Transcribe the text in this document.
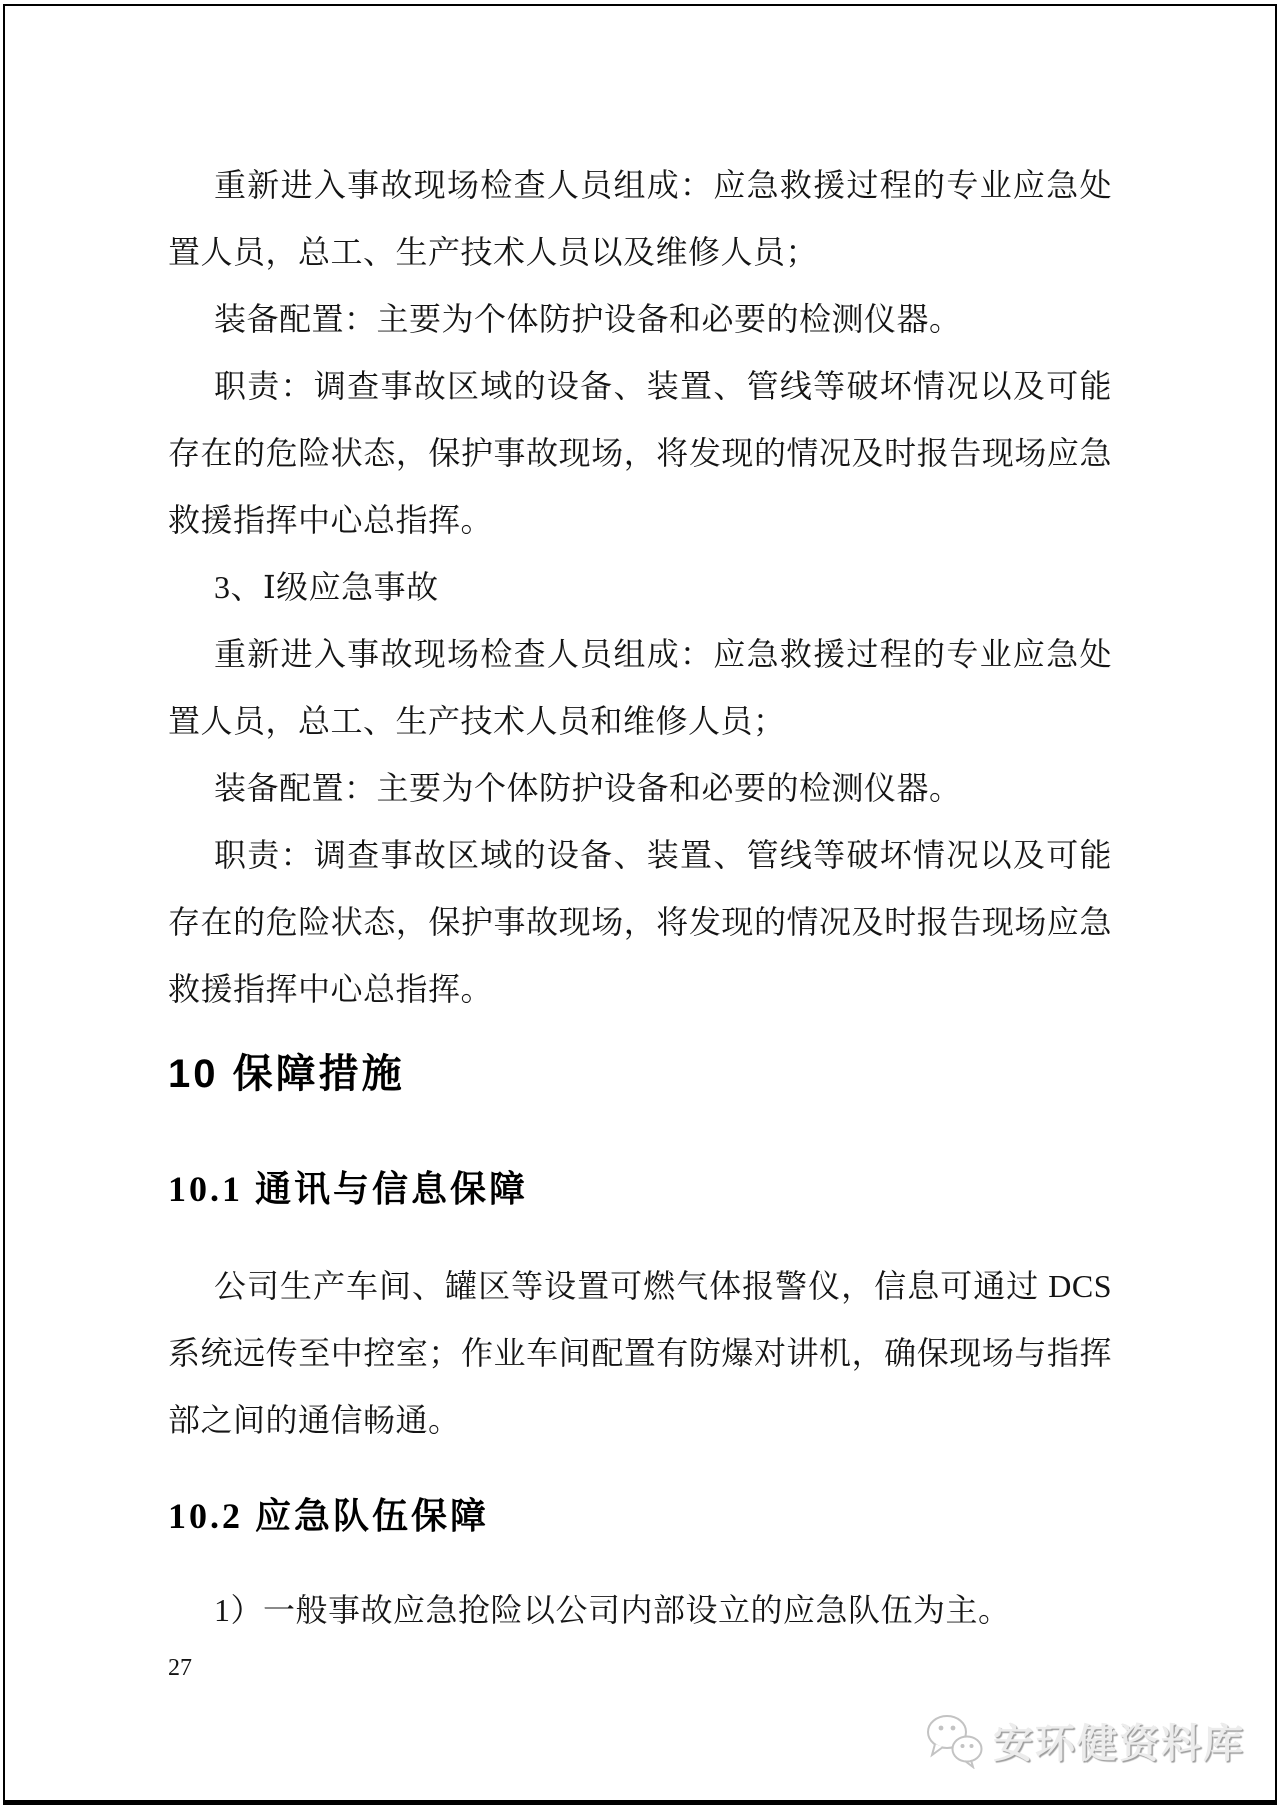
重新进入事故现场检查人员组成：应急救援过程的专业应急处
置人员，总工、生产技术人员以及维修人员；
装备配置：主要为个体防护设备和必要的检测仪器。
职责：调查事故区域的设备、装置、管线等破坏情况以及可能
存在的危险状态，保护事故现场，将发现的情况及时报告现场应急
救援指挥中心总指挥。
3、Ⅰ级应急事故
重新进入事故现场检查人员组成：应急救援过程的专业应急处
置人员，总工、生产技术人员和维修人员；
装备配置：主要为个体防护设备和必要的检测仪器。
职责：调查事故区域的设备、装置、管线等破坏情况以及可能
存在的危险状态，保护事故现场，将发现的情况及时报告现场应急
救援指挥中心总指挥。
10 保障措施
10.1 通讯与信息保障
公司生产车间、罐区等设置可燃气体报警仪，信息可通过 DCS
系统远传至中控室；作业车间配置有防爆对讲机，确保现场与指挥
部之间的通信畅通。
10.2 应急队伍保障
1）一般事故应急抢险以公司内部设立的应急队伍为主。
27
安环健资料库
